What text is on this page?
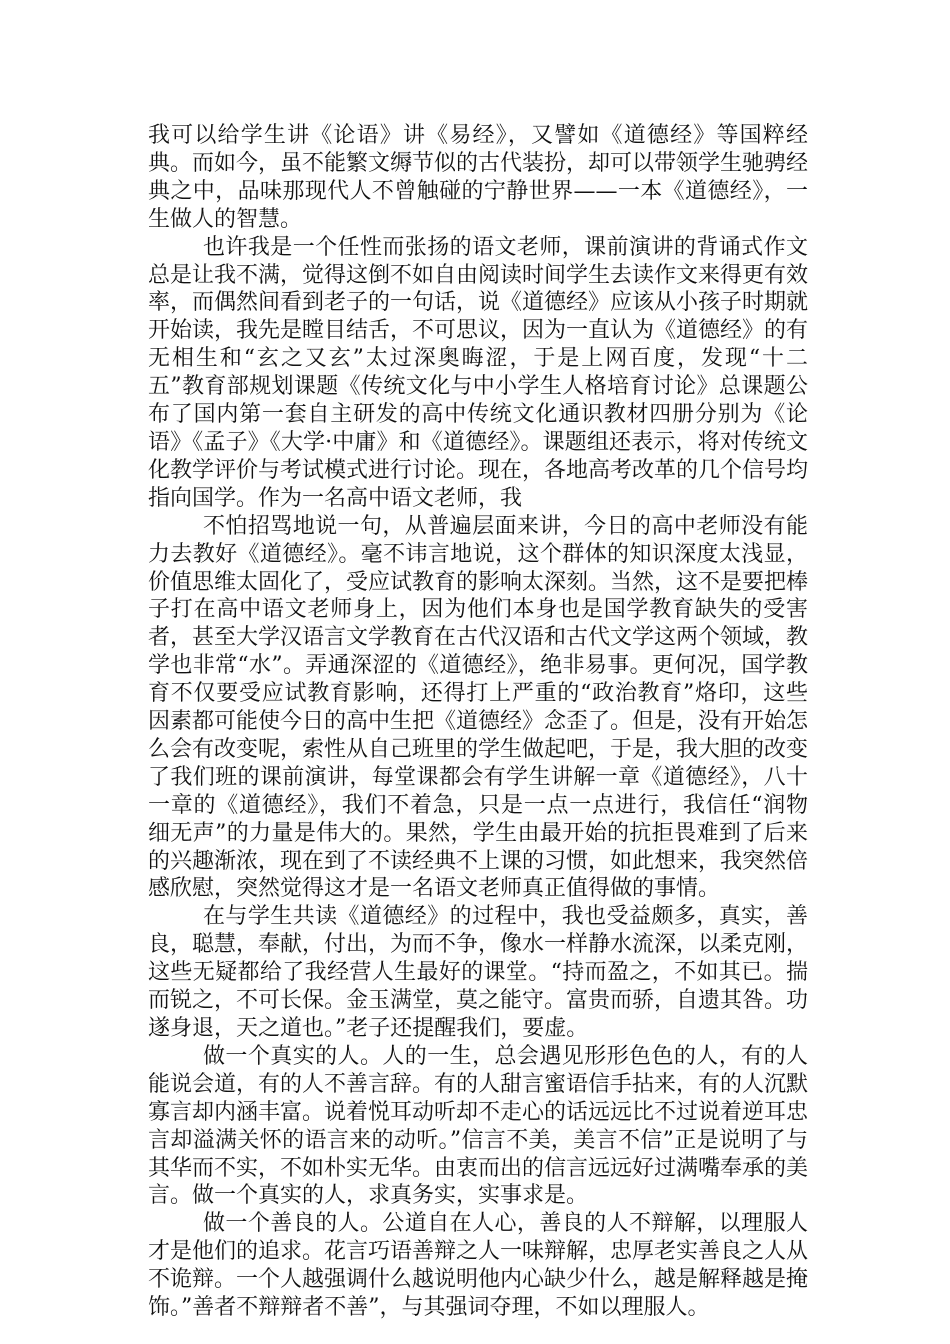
我可以给学生讲《论语》讲《易经》，又譬如《道德经》等国粹经典。而如今，虽不能繁文缛节似的古代装扮，却可以带领学生驰骋经典之中，品味那现代人不曾触碰的宁静世界——一本《道德经》，一生做人的智慧。

也许我是一个任性而张扬的语文老师，课前演讲的背诵式作文总是让我不满，觉得这倒不如自由阅读时间学生去读作文来得更有效率，而偶然间看到老子的一句话，说《道德经》应该从小孩子时期就开始读，我先是瞠目结舌，不可思议，因为一直认为《道德经》的有无相生和“玄之又玄”太过深奥晦涩，于是上网百度，发现“十二五”教育部规划课题《传统文化与中小学生人格培育讨论》总课题公布了国内第一套自主研发的高中传统文化通识教材四册分别为《论语》《孟子》《大学·中庸》和《道德经》。课题组还表示，将对传统文化教学评价与考试模式进行讨论。现在，各地高考改革的几个信号均指向国学。作为一名高中语文老师，我

不怕招骂地说一句，从普遍层面来讲，今日的高中老师没有能力去教好《道德经》。毫不讳言地说，这个群体的知识深度太浅显，价值思维太固化了，受应试教育的影响太深刻。当然，这不是要把棒子打在高中语文老师身上，因为他们本身也是国学教育缺失的受害者，甚至大学汉语言文学教育在古代汉语和古代文学这两个领域，教学也非常“水”。弄通深涩的《道德经》，绝非易事。更何况，国学教育不仅要受应试教育影响，还得打上严重的“政治教育”烙印，这些因素都可能使今日的高中生把《道德经》念歪了。但是，没有开始怎么会有改变呢，索性从自己班里的学生做起吧，于是，我大胆的改变了我们班的课前演讲，每堂课都会有学生讲解一章《道德经》，八十一章的《道德经》，我们不着急，只是一点一点进行，我信任“润物细无声”的力量是伟大的。果然，学生由最开始的抗拒畏难到了后来的兴趣渐浓，现在到了不读经典不上课的习惯，如此想来，我突然倍感欣慰，突然觉得这才是一名语文老师真正值得做的事情。

在与学生共读《道德经》的过程中，我也受益颇多，真实，善良，聪慧，奉献，付出，为而不争，像水一样静水流深，以柔克刚，这些无疑都给了我经营人生最好的课堂。“持而盈之，不如其已。揣而锐之，不可长保。金玉满堂，莫之能守。富贵而骄，自遗其咎。功遂身退，天之道也。”老子还提醒我们，要虚。

做一个真实的人。人的一生，总会遇见形形色色的人，有的人能说会道，有的人不善言辞。有的人甜言蜜语信手拈来，有的人沉默寡言却内涵丰富。说着悦耳动听却不走心的话远远比不过说着逆耳忠言却溢满关怀的语言来的动听。”信言不美，美言不信”正是说明了与其华而不实，不如朴实无华。由衷而出的信言远远好过满嘴奉承的美言。做一个真实的人，求真务实，实事求是。

做一个善良的人。公道自在人心，善良的人不辩解，以理服人才是他们的追求。花言巧语善辩之人一味辩解，忠厚老实善良之人从不诡辩。一个人越强调什么越说明他内心缺少什么，越是解释越是掩饰。”善者不辩辩者不善”，与其强词夺理，不如以理服人。
